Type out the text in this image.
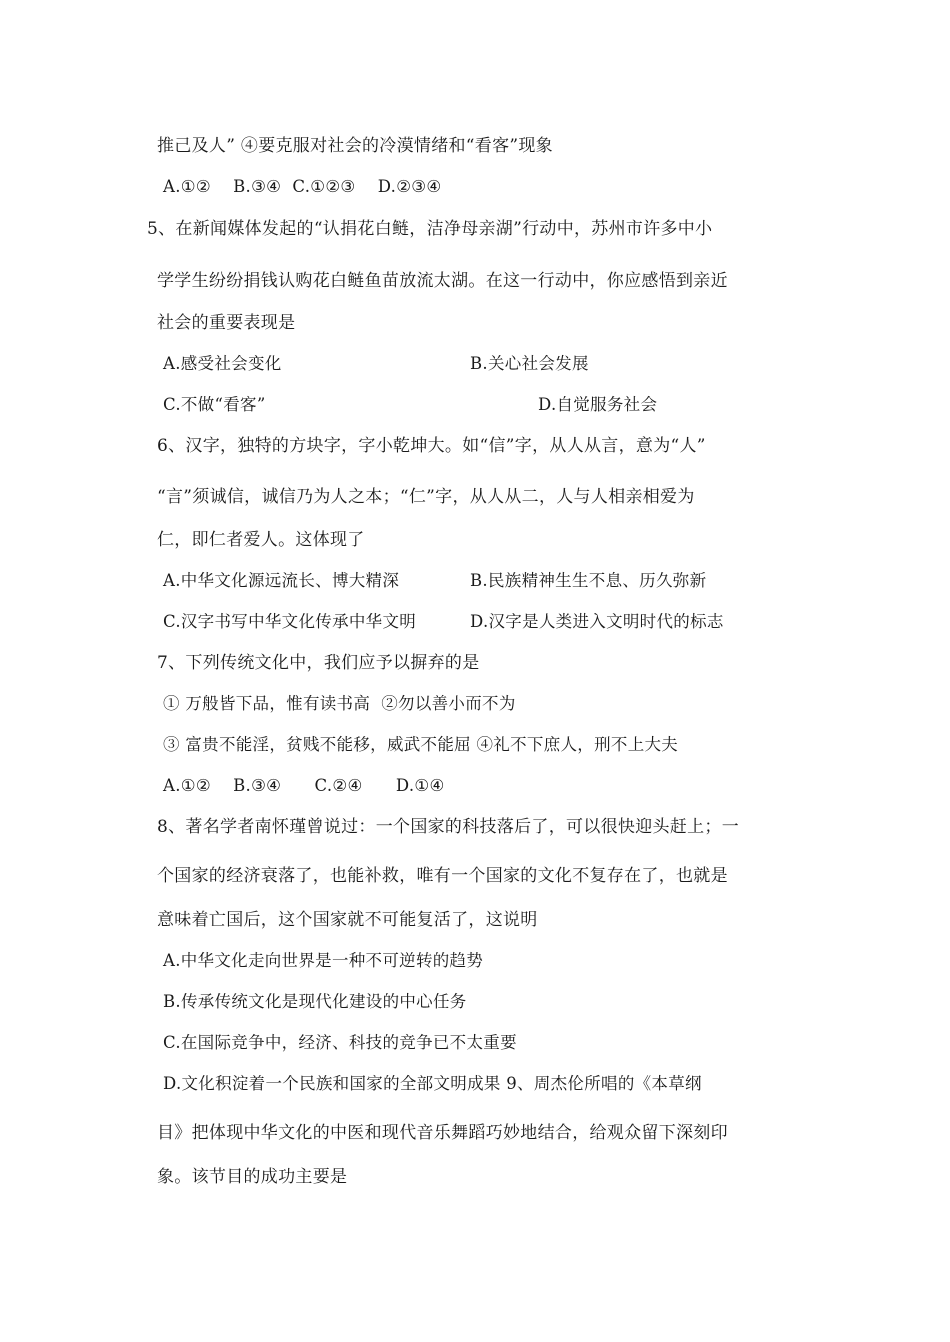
推己及人” ④要克服对社会的冷漠情绪和“看客”现象
A.①②    B.③④  C.①②③    D.②③④
5、在新闻媒体发起的“认捐花白鲢，洁净母亲湖”行动中，苏州市许多中小
学学生纷纷捐钱认购花白鲢鱼苗放流太湖。在这一行动中，你应感悟到亲近
社会的重要表现是
A.感受社会变化	B.关心社会发展
C.不做“看客”	D.自觉服务社会
6、汉字，独特的方块字，字小乾坤大。如“信”字，从人从言，意为“人”
“言”须诚信，诚信乃为人之本；“仁”字，从人从二，人与人相亲相爱为
仁，即仁者爱人。这体现了
A.中华文化源远流长、博大精深	B.民族精神生生不息、历久弥新
C.汉字书写中华文化传承中华文明	D.汉字是人类进入文明时代的标志
7、下列传统文化中，我们应予以摒弃的是
① 万般皆下品，惟有读书高  ②勿以善小而不为
③ 富贵不能淫，贫贱不能移，威武不能屈 ④礼不下庶人，刑不上大夫
A.①②    B.③④      C.②④      D.①④
8、著名学者南怀瑾曾说过：一个国家的科技落后了，可以很快迎头赶上；一
个国家的经济衰落了，也能补救，唯有一个国家的文化不复存在了，也就是
意味着亡国后，这个国家就不可能复活了，这说明
A.中华文化走向世界是一种不可逆转的趋势
B.传承传统文化是现代化建设的中心任务
C.在国际竞争中，经济、科技的竞争已不太重要
D.文化积淀着一个民族和国家的全部文明成果 9、周杰伦所唱的《本草纲
目》把体现中华文化的中医和现代音乐舞蹈巧妙地结合，给观众留下深刻印
象。该节目的成功主要是
